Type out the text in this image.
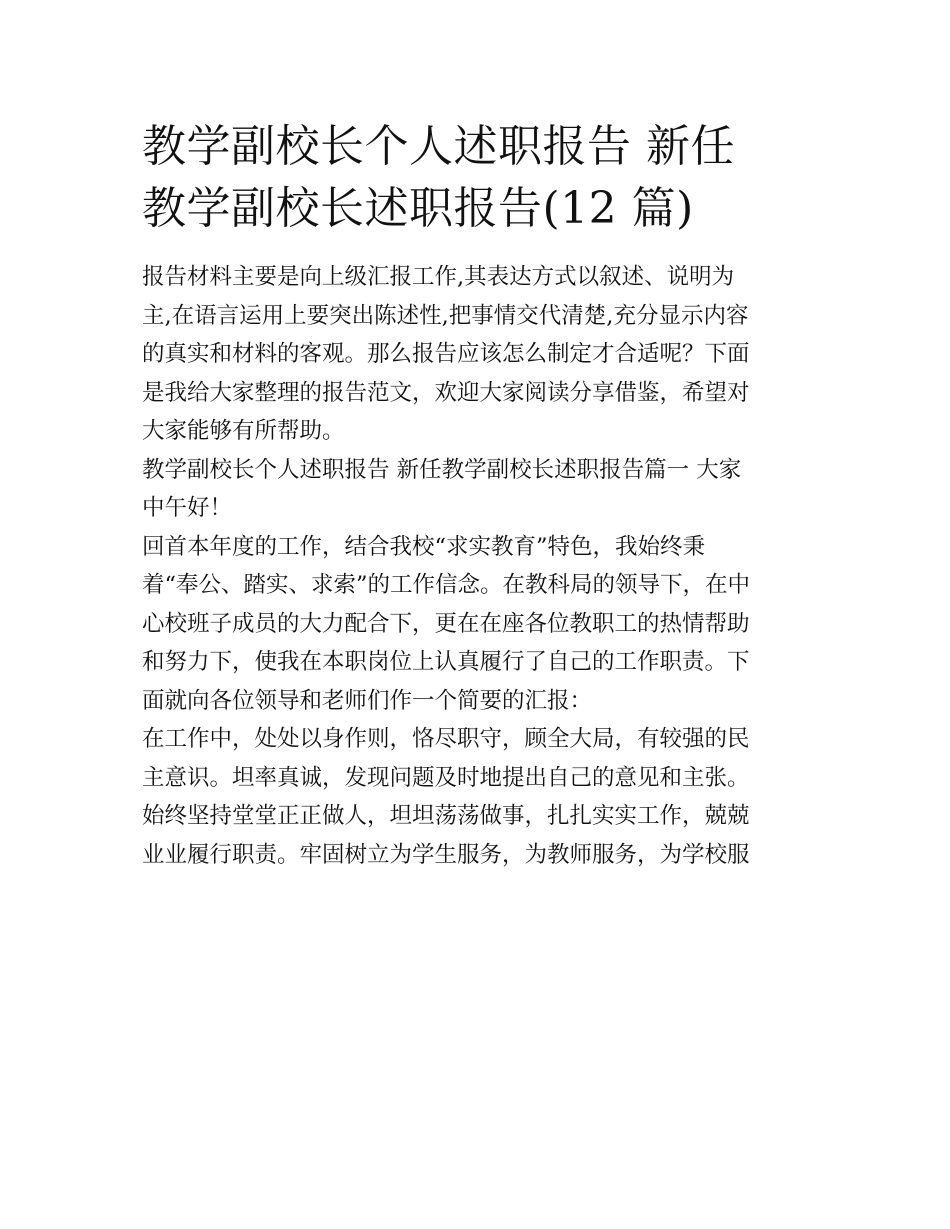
教学副校长个人述职报告 新任
教学副校长述职报告(12 篇)

报告材料主要是向上级汇报工作,其表达方式以叙述、说明为
主,在语言运用上要突出陈述性,把事情交代清楚,充分显示内容
的真实和材料的客观。那么报告应该怎么制定才合适呢？下面
是我给大家整理的报告范文，欢迎大家阅读分享借鉴，希望对
大家能够有所帮助。

教学副校长个人述职报告 新任教学副校长述职报告篇一 大家
中午好！

回首本年度的工作，结合我校“求实教育”特色，我始终秉
着“奉公、踏实、求索”的工作信念。在教科局的领导下，在中
心校班子成员的大力配合下，更在在座各位教职工的热情帮助
和努力下，使我在本职岗位上认真履行了自己的工作职责。下
面就向各位领导和老师们作一个简要的汇报：

在工作中，处处以身作则，恪尽职守，顾全大局，有较强的民
主意识。坦率真诚，发现问题及时地提出自己的意见和主张。
始终坚持堂堂正正做人，坦坦荡荡做事，扎扎实实工作，兢兢
业业履行职责。牢固树立为学生服务，为教师服务，为学校服
